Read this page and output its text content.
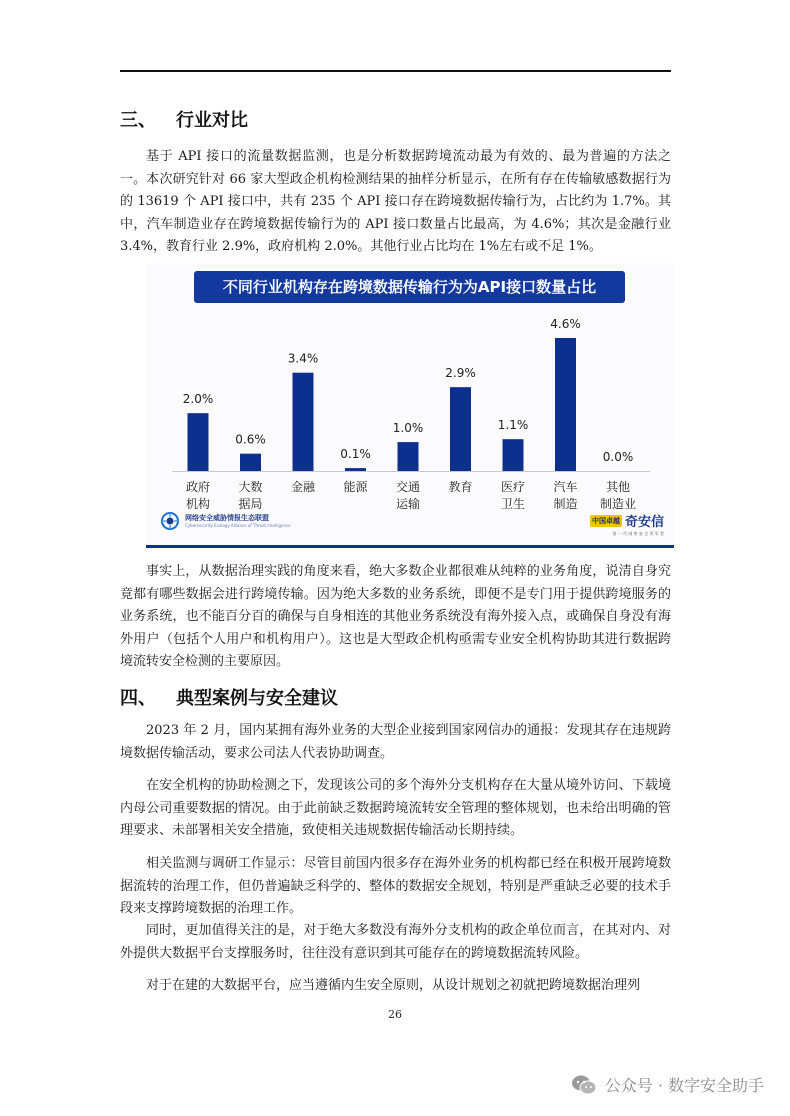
三、 行业对比

基于 API 接口的流量数据监测，也是分析数据跨境流动最为有效的、最为普遍的方法之一。本次研究针对 66 家大型政企机构检测结果的抽样分析显示，在所有存在传输敏感数据行为的 13619 个 API 接口中，共有 235 个 API 接口存在跨境数据传输行为，占比约为 1.7%。其中，汽车制造业存在跨境数据传输行为的 API 接口数量占比最高，为 4.6%；其次是金融行业 3.4%，教育行业 2.9%，政府机构 2.0%。其他行业占比均在 1%左右或不足 1%。

不同行业机构存在跨境数据传输行为为API接口数量占比
2.0%
政府
机构
0.6%
大数
据局
3.4%
金融
0.1%
能源
1.0%
交通
运输
2.9%
教育
1.1%
医疗
卫生
4.6%
汽车
制造
0.0%
其他
制造业
网络安全威胁情报生态联盟
Cybersecurity Ecology Alliance of Threat Intelligence
中国卓越 奇安信
第 一 代 网 络 安 全 领 军 者

事实上，从数据治理实践的角度来看，绝大多数企业都很难从纯粹的业务角度，说清自身究竟都有哪些数据会进行跨境传输。因为绝大多数的业务系统，即便不是专门用于提供跨境服务的业务系统，也不能百分百的确保与自身相连的其他业务系统没有海外接入点，或确保自身没有海外用户（包括个人用户和机构用户）。这也是大型政企机构亟需专业安全机构协助其进行数据跨境流转安全检测的主要原因。

四、 典型案例与安全建议

2023 年 2 月，国内某拥有海外业务的大型企业接到国家网信办的通报：发现其存在违规跨境数据传输活动，要求公司法人代表协助调查。

在安全机构的协助检测之下，发现该公司的多个海外分支机构存在大量从境外访问、下载境内母公司重要数据的情况。由于此前缺乏数据跨境流转安全管理的整体规划，也未给出明确的管理要求、未部署相关安全措施，致使相关违规数据传输活动长期持续。

相关监测与调研工作显示：尽管目前国内很多存在海外业务的机构都已经在积极开展跨境数据流转的治理工作，但仍普遍缺乏科学的、整体的数据安全规划，特别是严重缺乏必要的技术手段来支撑跨境数据的治理工作。

同时，更加值得关注的是，对于绝大多数没有海外分支机构的政企单位而言，在其对内、对外提供大数据平台支撑服务时，往往没有意识到其可能存在的跨境数据流转风险。

对于在建的大数据平台，应当遵循内生安全原则，从设计规划之初就把跨境数据治理列

26
公众号 · 数字安全助手
